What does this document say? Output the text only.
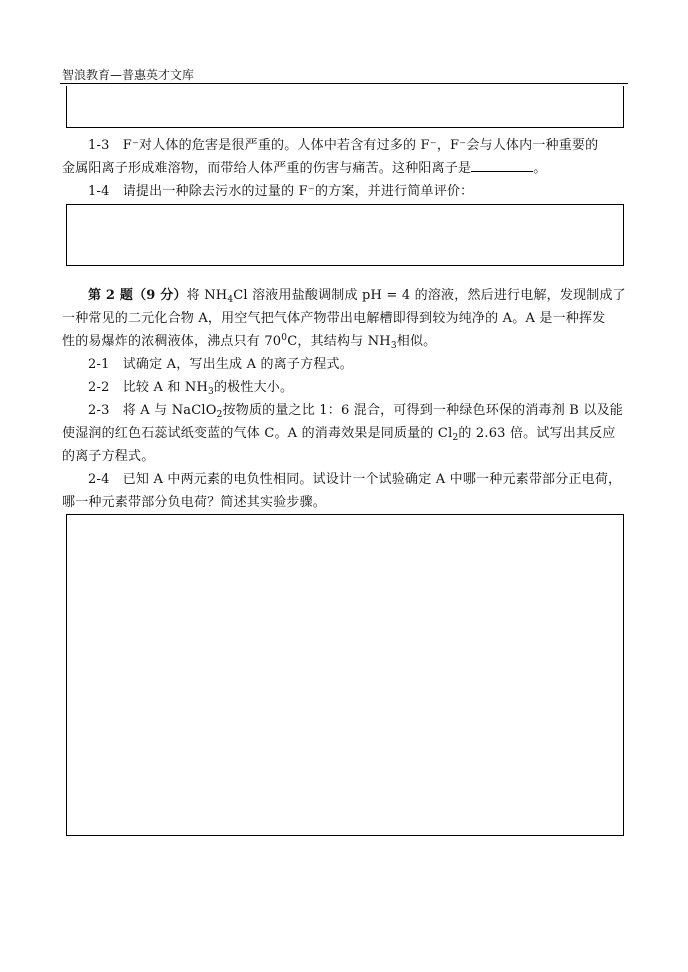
智浪教育—普惠英才文库
1-3　F⁻对人体的危害是很严重的。人体中若含有过多的 F⁻，F⁻会与人体内一种重要的
金属阳离子形成难溶物，而带给人体严重的伤害与痛苦。这种阳离子是	。
1-4　请提出一种除去污水的过量的 F⁻的方案，并进行简单评价：
第 2 题（9 分）将 $NH_4Cl$ 溶液用盐酸调制成 pH = 4 的溶液，然后进行电解，发现制成了
一种常见的二元化合物 A，用空气把气体产物带出电解槽即得到较为纯净的 A。A 是一种挥发
性的易爆炸的浓稠液体，沸点只有 $70^0C$，其结构与 $NH_3$相似。
2-1　试确定 A，写出生成 A 的离子方程式。
2-2　比较 A 和 $NH_3$的极性大小。
2-3　将 A 与 NaClO$_2$按物质的量之比 1：6 混合，可得到一种绿色环保的消毒剂 B 以及能
使湿润的红色石蕊试纸变蓝的气体 C。A 的消毒效果是同质量的 $Cl_2$的 2.63 倍。试写出其反应
的离子方程式。
2-4　已知 A 中两元素的电负性相同。试设计一个试验确定 A 中哪一种元素带部分正电荷，
哪一种元素带部分负电荷？简述其实验步骤。
